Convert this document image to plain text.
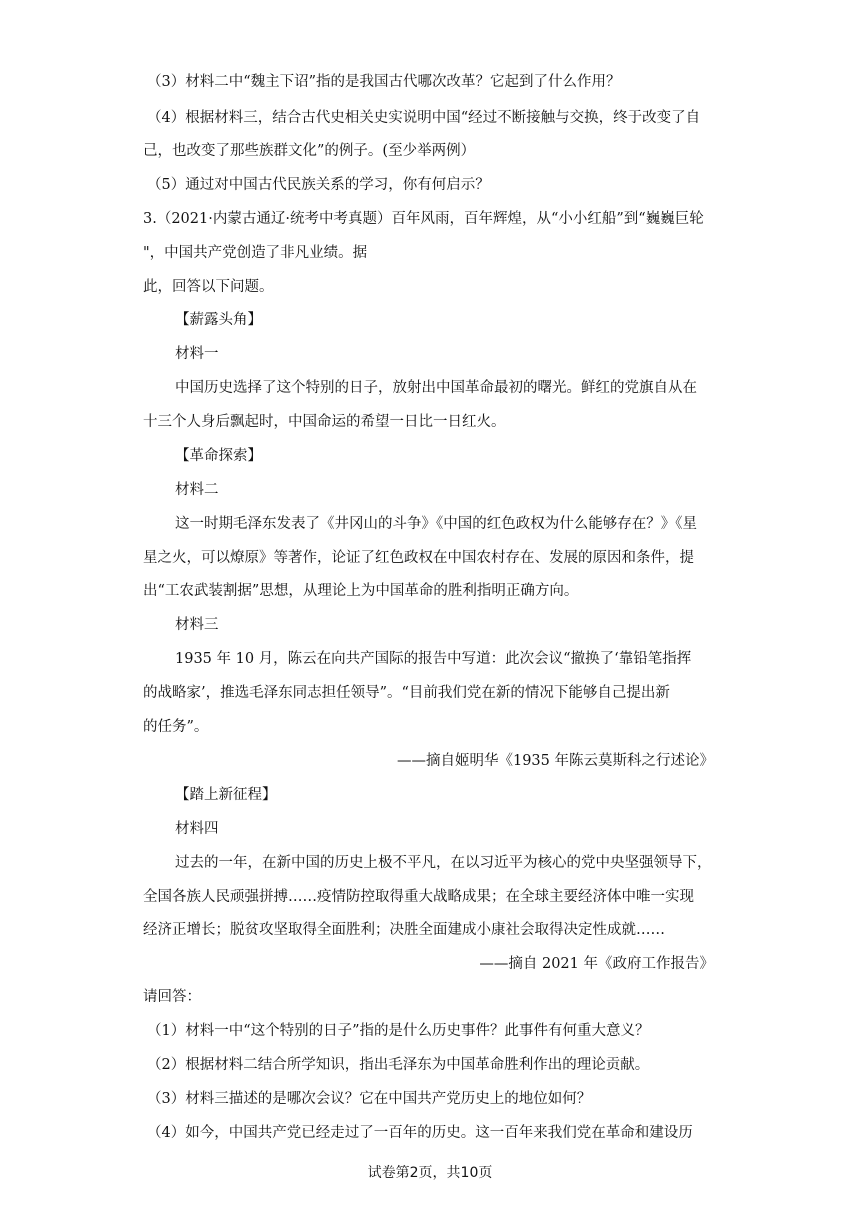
（3）材料二中“魏主下诏”指的是我国古代哪次改革？它起到了什么作用？
（4）根据材料三，结合古代史相关史实说明中国“经过不断接触与交换，终于改变了自
己，也改变了那些族群文化”的例子。(至少举两例）
（5）通过对中国古代民族关系的学习，你有何启示？
3.（2021·内蒙古通辽·统考中考真题）百年风雨，百年辉煌，从“小小红船”到“巍巍巨轮
"，中国共产党创造了非凡业绩。据
此，回答以下问题。
【薪露头角】
材料一
中国历史选择了这个特别的日子，放射出中国革命最初的曙光。鲜红的党旗自从在
十三个人身后飘起时，中国命运的希望一日比一日红火。
【革命探索】
材料二
这一时期毛泽东发表了《井冈山的斗争》《中国的红色政权为什么能够存在？》《星
星之火，可以燎原》等著作，论证了红色政权在中国农村存在、发展的原因和条件，提
出“工农武装割据”思想，从理论上为中国革命的胜利指明正确方向。
材料三
1935 年 10 月，陈云在向共产国际的报告中写道：此次会议“撤换了‘靠铅笔指挥
的战略家’，推选毛泽东同志担任领导”。“目前我们党在新的情况下能够自己提出新
的任务”。
——摘自姬明华《1935 年陈云莫斯科之行述论》
【踏上新征程】
材料四
过去的一年，在新中国的历史上极不平凡，在以习近平为核心的党中央坚强领导下，
全国各族人民顽强拼搏……疫情防控取得重大战略成果；在全球主要经济体中唯一实现
经济正增长；脱贫攻坚取得全面胜利；决胜全面建成小康社会取得决定性成就……
——摘自 2021 年《政府工作报告》
请回答：
（1）材料一中“这个特别的日子”指的是什么历史事件？此事件有何重大意义？
（2）根据材料二结合所学知识，指出毛泽东为中国革命胜利作出的理论贡献。
（3）材料三描述的是哪次会议？它在中国共产党历史上的地位如何？
（4）如今，中国共产党已经走过了一百年的历史。这一百年来我们党在革命和建设历
试卷第2页，共10页
